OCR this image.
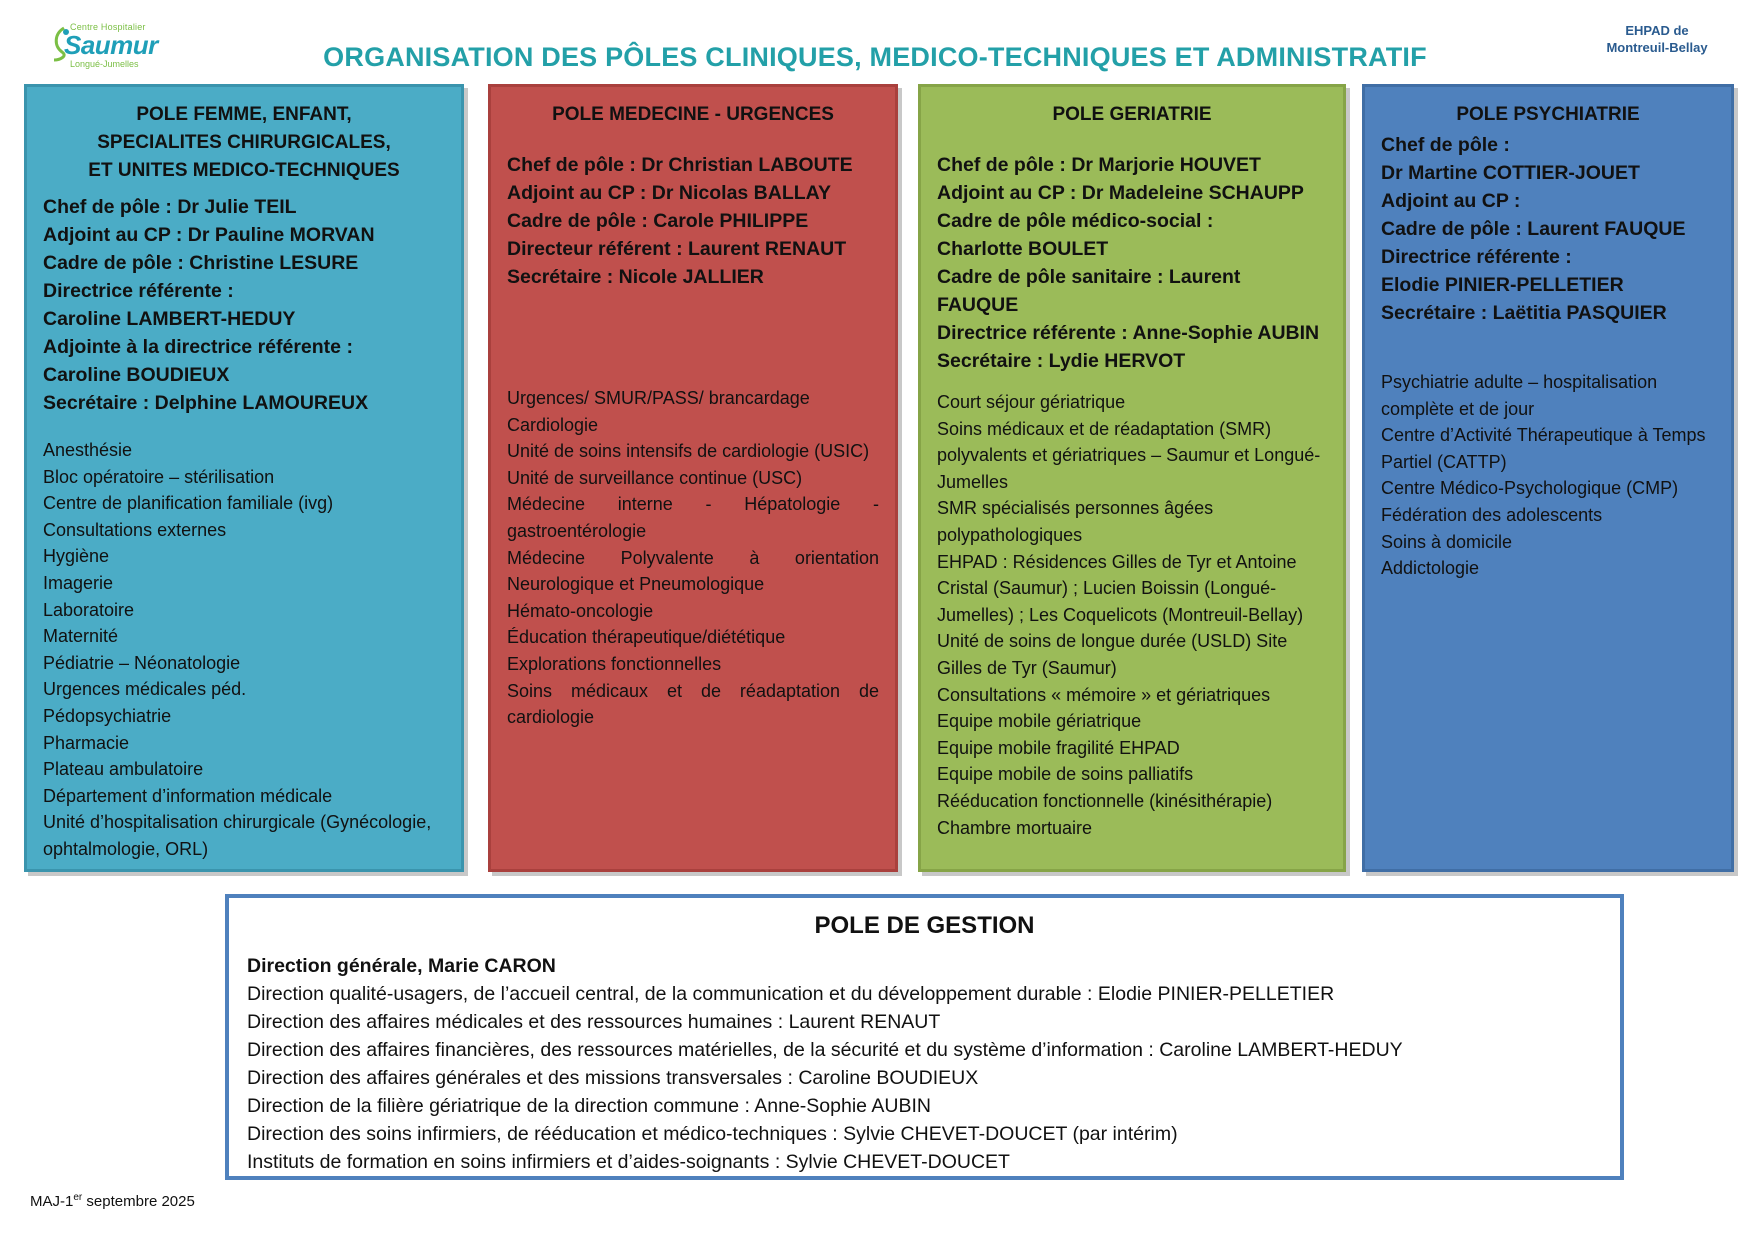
Centre Hospitalier
Saumur
Longué-Jumelles
EHPAD de
Montreuil-Bellay
ORGANISATION DES PÔLES CLINIQUES, MEDICO-TECHNIQUES ET ADMINISTRATIF
POLE FEMME, ENFANT,
SPECIALITES CHIRURGICALES,
ET UNITES MEDICO-TECHNIQUES
Chef de pôle : Dr Julie TEIL
Adjoint au CP : Dr Pauline MORVAN
Cadre de pôle : Christine LESURE
Directrice référente :
Caroline LAMBERT-HEDUY
Adjointe à la directrice référente :
Caroline BOUDIEUX
Secrétaire : Delphine LAMOUREUX
Anesthésie
Bloc opératoire – stérilisation
Centre de planification familiale (ivg)
Consultations externes
Hygiène
Imagerie
Laboratoire
Maternité
Pédiatrie – Néonatologie
Urgences médicales péd.
Pédopsychiatrie
Pharmacie
Plateau ambulatoire
Département d’information médicale
Unité d’hospitalisation chirurgicale (Gynécologie, ophtalmologie, ORL)
POLE MEDECINE - URGENCES
Chef de pôle : Dr Christian LABOUTE
Adjoint au CP : Dr Nicolas BALLAY
Cadre de pôle : Carole PHILIPPE
Directeur référent : Laurent RENAUT
Secrétaire : Nicole JALLIER
Urgences/ SMUR/PASS/ brancardage
Cardiologie
Unité de soins intensifs de cardiologie (USIC)
Unité de surveillance continue (USC)
Médecine interne - Hépatologie - gastroentérologie
Médecine Polyvalente à orientation Neurologique et Pneumologique
Hémato-oncologie
Éducation thérapeutique/diététique
Explorations fonctionnelles
Soins médicaux et de réadaptation de cardiologie
POLE GERIATRIE
Chef de pôle : Dr Marjorie HOUVET
Adjoint au CP : Dr Madeleine SCHAUPP
Cadre de pôle médico-social :
Charlotte BOULET
Cadre de pôle sanitaire : Laurent FAUQUE
Directrice référente : Anne-Sophie AUBIN
Secrétaire : Lydie HERVOT
Court séjour gériatrique
Soins médicaux et de réadaptation (SMR) polyvalents et gériatriques – Saumur et Longué-Jumelles
SMR spécialisés personnes âgées polypathologiques
EHPAD : Résidences Gilles de Tyr et Antoine Cristal (Saumur) ; Lucien Boissin (Longué-Jumelles) ; Les Coquelicots (Montreuil-Bellay)
Unité de soins de longue durée (USLD) Site Gilles de Tyr (Saumur)
Consultations « mémoire » et gériatriques
Equipe mobile gériatrique
Equipe mobile fragilité EHPAD
Equipe mobile de soins palliatifs
Rééducation fonctionnelle (kinésithérapie)
Chambre mortuaire
POLE PSYCHIATRIE
Chef de pôle :
Dr Martine COTTIER-JOUET
Adjoint au CP :
Cadre de pôle : Laurent FAUQUE
Directrice référente :
Elodie PINIER-PELLETIER
Secrétaire : Laëtitia PASQUIER
Psychiatrie adulte – hospitalisation complète et de jour
Centre d’Activité Thérapeutique à Temps Partiel (CATTP)
Centre Médico-Psychologique (CMP)
Fédération des adolescents
Soins à domicile
Addictologie
POLE DE GESTION
Direction générale, Marie CARON
Direction qualité-usagers, de l’accueil central, de la communication et du développement durable : Elodie PINIER-PELLETIER
Direction des affaires médicales et des ressources humaines : Laurent RENAUT
Direction des affaires financières, des ressources matérielles, de la sécurité et du système d’information : Caroline LAMBERT-HEDUY
Direction des affaires générales et des missions transversales : Caroline BOUDIEUX
Direction de la filière gériatrique de la direction commune : Anne-Sophie AUBIN
Direction des soins infirmiers, de rééducation et médico-techniques : Sylvie CHEVET-DOUCET (par intérim)
Instituts de formation en soins infirmiers et d’aides-soignants : Sylvie CHEVET-DOUCET
MAJ-1er septembre 2025
